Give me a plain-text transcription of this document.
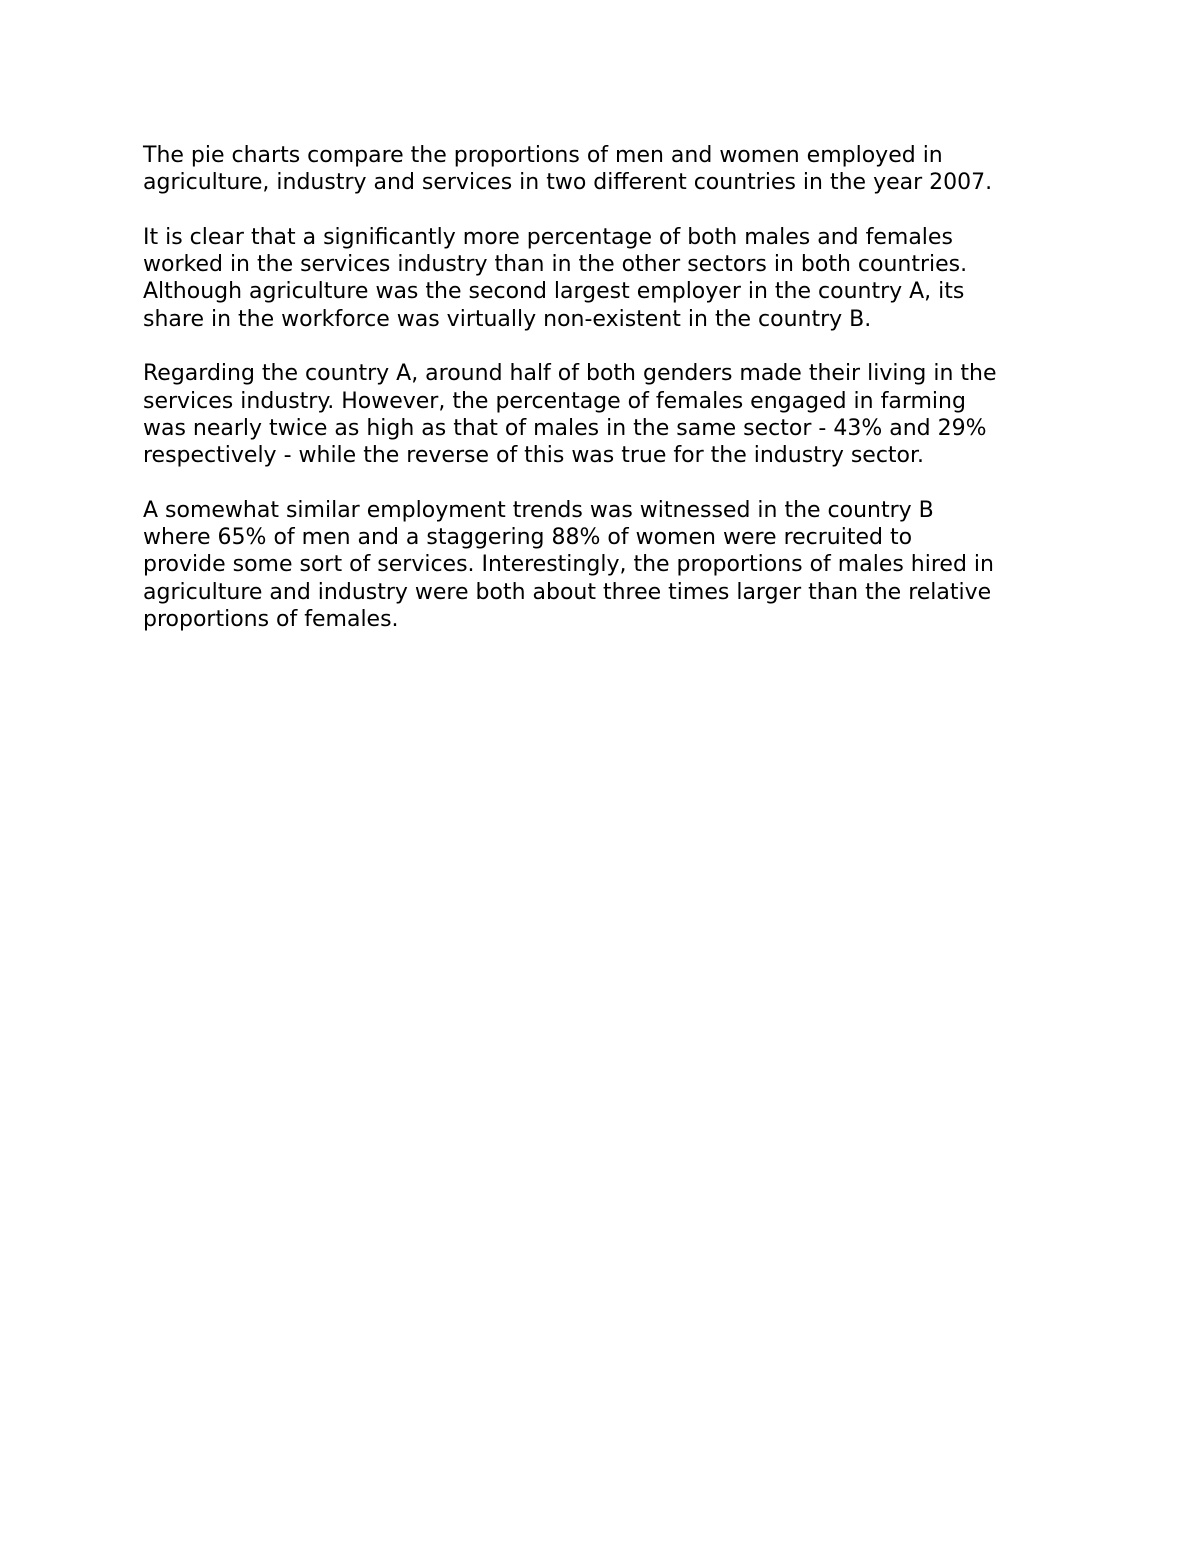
The pie charts compare the proportions of men and women employed in
agriculture, industry and services in two different countries in the year 2007.

It is clear that a significantly more percentage of both males and females
worked in the services industry than in the other sectors in both countries.
Although agriculture was the second largest employer in the country A, its
share in the workforce was virtually non-existent in the country B.

Regarding the country A, around half of both genders made their living in the
services industry. However, the percentage of females engaged in farming
was nearly twice as high as that of males in the same sector - 43% and 29%
respectively - while the reverse of this was true for the industry sector.

A somewhat similar employment trends was witnessed in the country B
where 65% of men and a staggering 88% of women were recruited to
provide some sort of services. Interestingly, the proportions of males hired in
agriculture and industry were both about three times larger than the relative
proportions of females.
